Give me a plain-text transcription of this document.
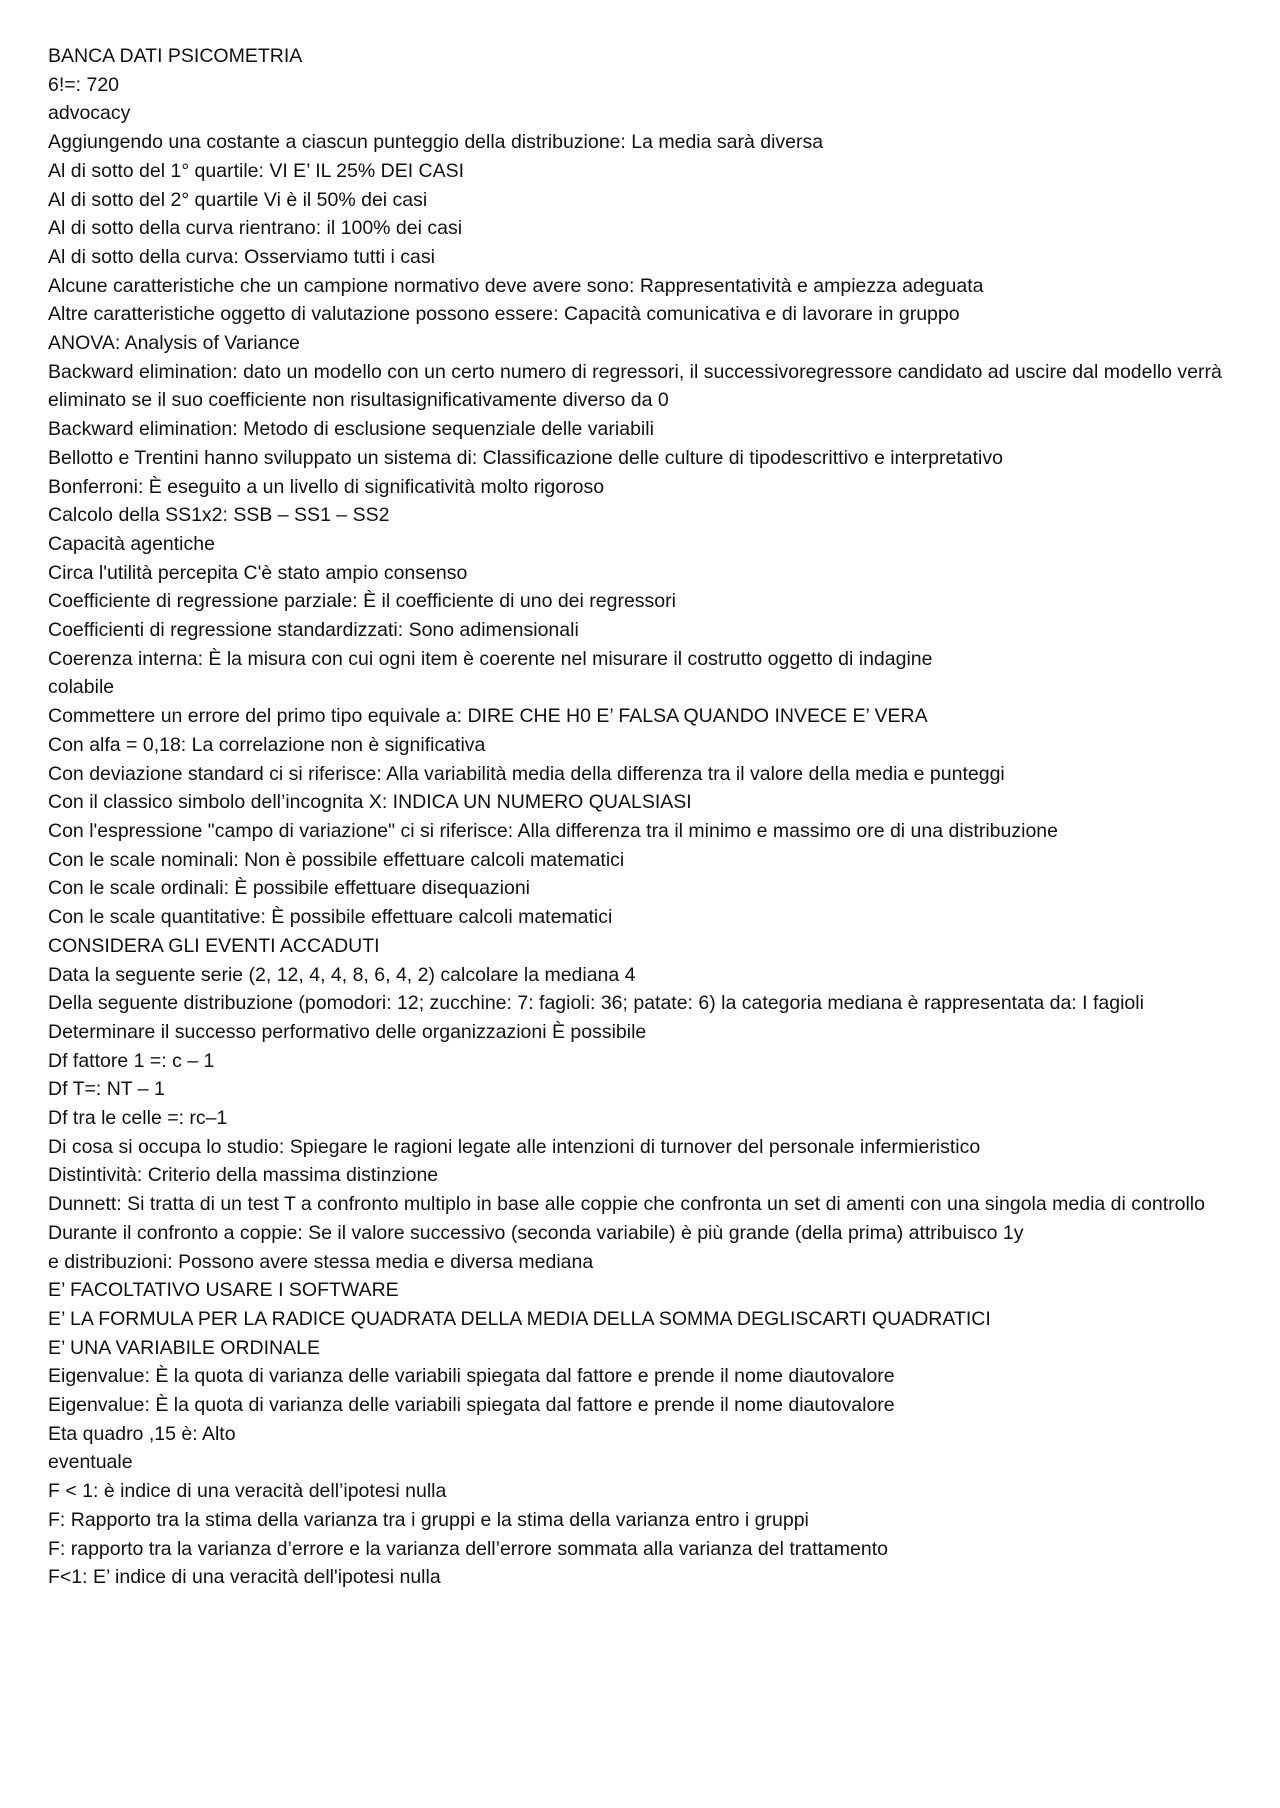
BANCA DATI PSICOMETRIA
6!=: 720
advocacy
Aggiungendo una costante a ciascun punteggio della distribuzione: La media sarà diversa
Al di sotto del 1° quartile: VI E’ IL 25% DEI CASI
Al di sotto del 2° quartile Vi è il 50% dei casi
Al di sotto della curva rientrano: il 100% dei casi
Al di sotto della curva: Osserviamo tutti i casi
Alcune caratteristiche che un campione normativo deve avere sono: Rappresentatività e ampiezza adeguata
Altre caratteristiche oggetto di valutazione possono essere: Capacità comunicativa e di lavorare in gruppo
ANOVA: Analysis of Variance
Backward elimination: dato un modello con un certo numero di regressori, il successivoregressore candidato ad uscire dal modello verrà eliminato se il suo coefficiente non risultasignificativamente diverso da 0
Backward elimination: Metodo di esclusione sequenziale delle variabili
Bellotto e Trentini hanno sviluppato un sistema di: Classificazione delle culture di tipodescrittivo e interpretativo
Bonferroni: È eseguito a un livello di significatività molto rigoroso
Calcolo della SS1x2: SSB – SS1 – SS2
Capacità agentiche
Circa l'utilità percepita C'è stato ampio consenso
Coefficiente di regressione parziale: È il coefficiente di uno dei regressori
Coefficienti di regressione standardizzati: Sono adimensionali
Coerenza interna: È la misura con cui ogni item è coerente nel misurare il costrutto oggetto di indagine
colabile
Commettere un errore del primo tipo equivale a: DIRE CHE H0 E’ FALSA QUANDO INVECE E’ VERA
Con alfa = 0,18: La correlazione non è significativa
Con deviazione standard ci si riferisce: Alla variabilità media della differenza tra il valore della media e punteggi
Con il classico simbolo dell’incognita X: INDICA UN NUMERO QUALSIASI
Con l'espressione "campo di variazione" ci si riferisce: Alla differenza tra il minimo e massimo ore di una distribuzione
Con le scale nominali: Non è possibile effettuare calcoli matematici
Con le scale ordinali: È possibile effettuare disequazioni
Con le scale quantitative: È possibile effettuare calcoli matematici
CONSIDERA GLI EVENTI ACCADUTI
Data la seguente serie (2, 12, 4, 4, 8, 6, 4, 2) calcolare la mediana 4
Della seguente distribuzione (pomodori: 12; zucchine: 7: fagioli: 36; patate: 6) la categoria mediana è rappresentata da: I fagioli
Determinare il successo performativo delle organizzazioni È possibile
Df fattore 1 =: c – 1
Df T=: NT – 1
Df tra le celle =: rc–1
Di cosa si occupa lo studio: Spiegare le ragioni legate alle intenzioni di turnover del personale infermieristico
Distintività: Criterio della massima distinzione
Dunnett: Si tratta di un test T a confronto multiplo in base alle coppie che confronta un set di amenti con una singola media di controllo
Durante il confronto a coppie: Se il valore successivo (seconda variabile) è più grande (della prima) attribuisco 1y
e distribuzioni: Possono avere stessa media e diversa mediana
E’ FACOLTATIVO USARE I SOFTWARE
E’ LA FORMULA PER LA RADICE QUADRATA DELLA MEDIA DELLA SOMMA DEGLISCARTI QUADRATICI
E’ UNA VARIABILE ORDINALE
Eigenvalue: È la quota di varianza delle variabili spiegata dal fattore e prende il nome diautovalore
Eigenvalue: È la quota di varianza delle variabili spiegata dal fattore e prende il nome diautovalore
Eta quadro ,15 è: Alto
eventuale
F < 1: è indice di una veracità dell’ipotesi nulla
F: Rapporto tra la stima della varianza tra i gruppi e la stima della varianza entro i gruppi
F: rapporto tra la varianza d’errore e la varianza dell’errore sommata alla varianza del trattamento
F<1: E’ indice di una veracità dell'ipotesi nulla
